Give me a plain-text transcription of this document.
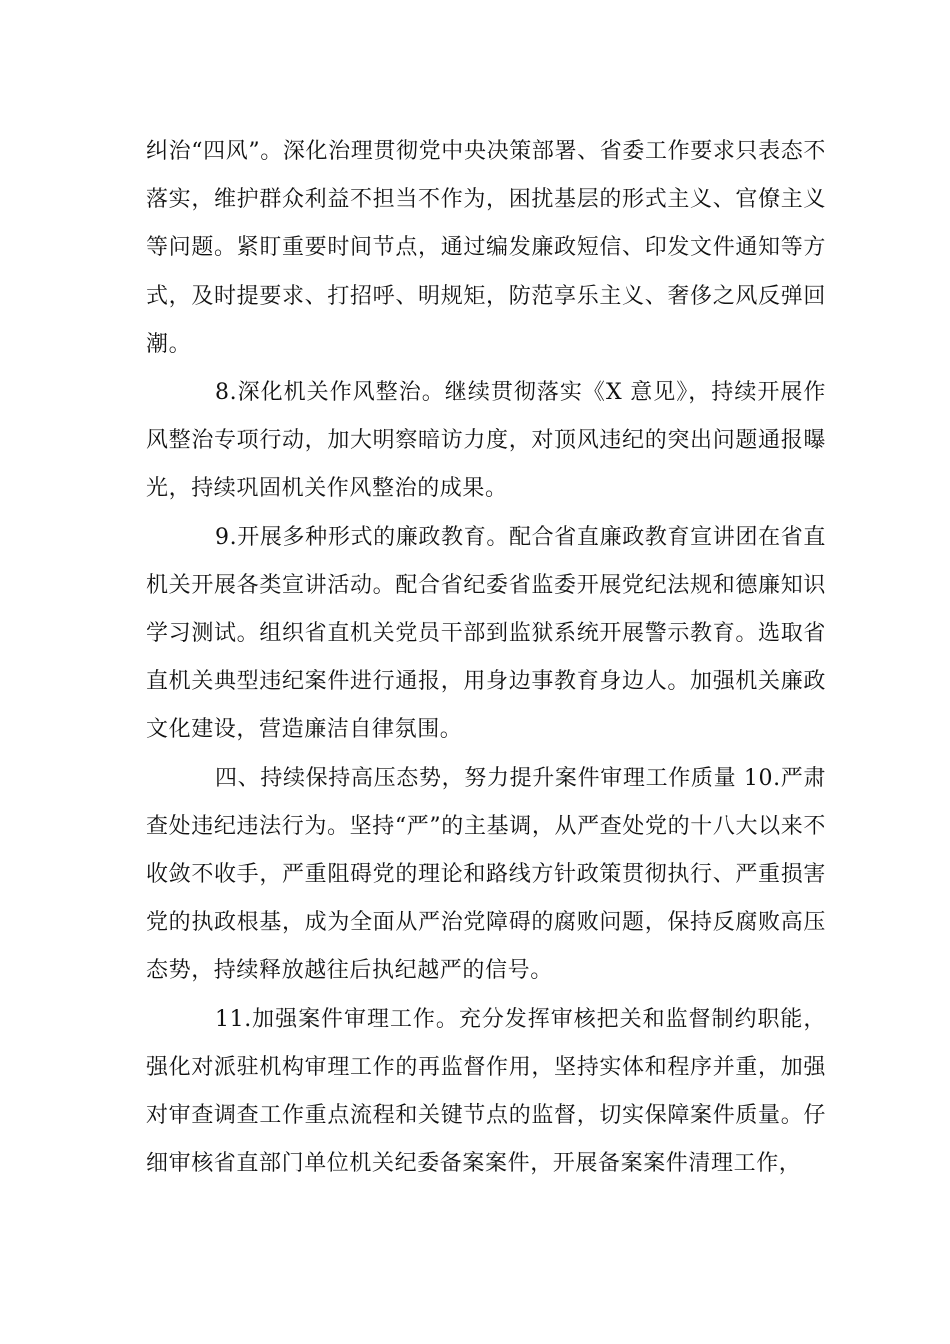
纠治“四风”。深化治理贯彻党中央决策部署、省委工作要求只表态不落实，维护群众利益不担当不作为，困扰基层的形式主义、官僚主义等问题。紧盯重要时间节点，通过编发廉政短信、印发文件通知等方式，及时提要求、打招呼、明规矩，防范享乐主义、奢侈之风反弹回潮。

8.深化机关作风整治。继续贯彻落实《X 意见》，持续开展作风整治专项行动，加大明察暗访力度，对顶风违纪的突出问题通报曝光，持续巩固机关作风整治的成果。

9.开展多种形式的廉政教育。配合省直廉政教育宣讲团在省直机关开展各类宣讲活动。配合省纪委省监委开展党纪法规和德廉知识学习测试。组织省直机关党员干部到监狱系统开展警示教育。选取省直机关典型违纪案件进行通报，用身边事教育身边人。加强机关廉政文化建设，营造廉洁自律氛围。

四、持续保持高压态势，努力提升案件审理工作质量 10.严肃查处违纪违法行为。坚持“严”的主基调，从严查处党的十八大以来不收敛不收手，严重阻碍党的理论和路线方针政策贯彻执行、严重损害党的执政根基，成为全面从严治党障碍的腐败问题，保持反腐败高压态势，持续释放越往后执纪越严的信号。

11.加强案件审理工作。充分发挥审核把关和监督制约职能，强化对派驻机构审理工作的再监督作用，坚持实体和程序并重，加强对审查调查工作重点流程和关键节点的监督，切实保障案件质量。仔细审核省直部门单位机关纪委备案案件，开展备案案件清理工作，
